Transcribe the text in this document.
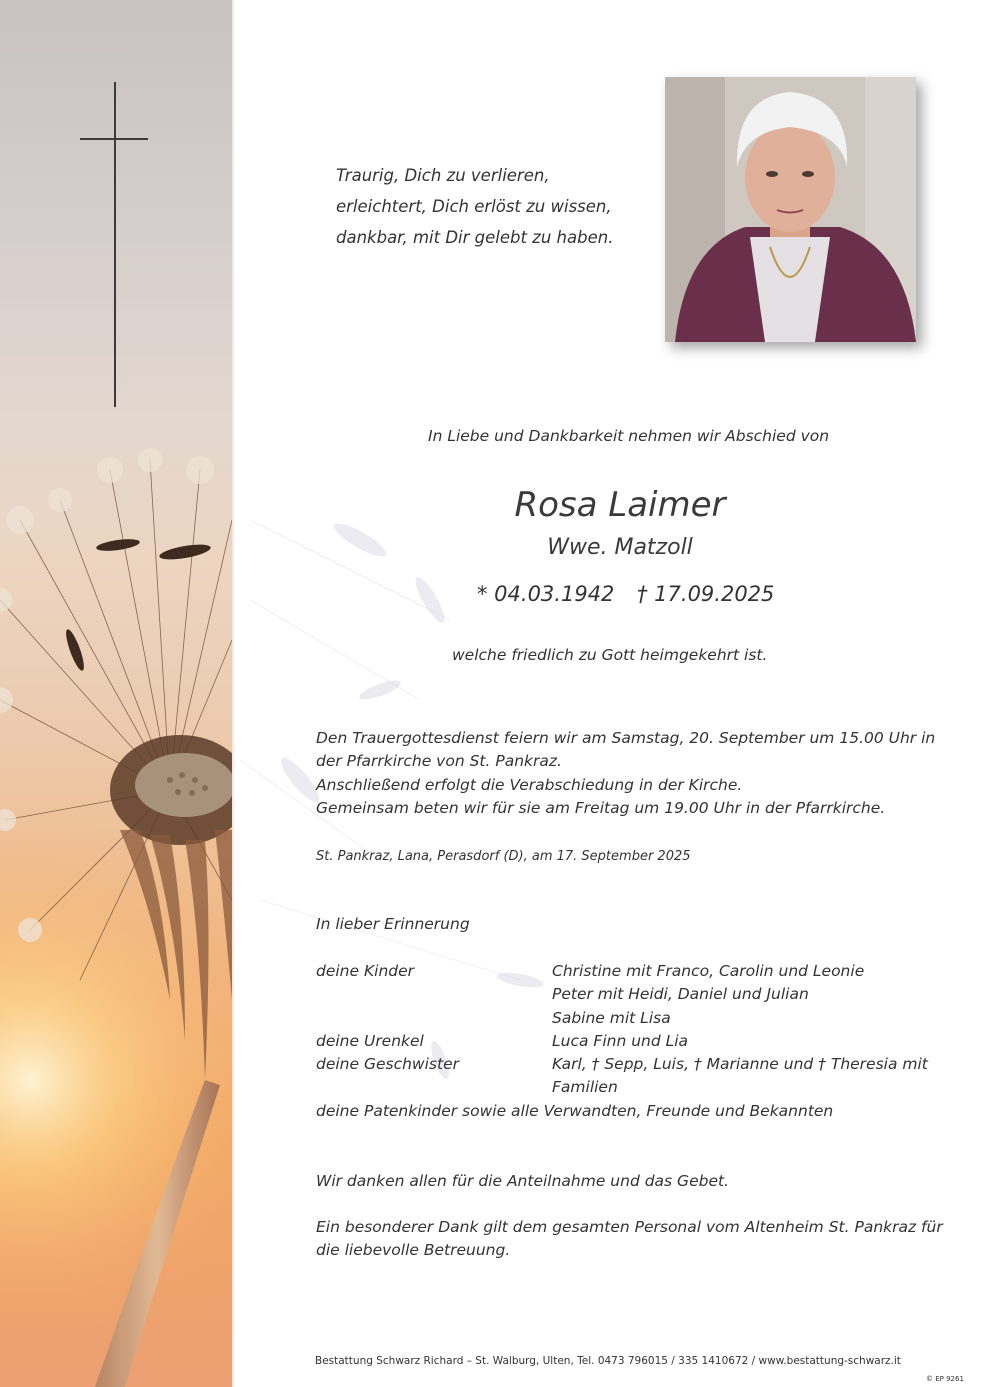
Traurig, Dich zu verlieren,
erleichtert, Dich erlöst zu wissen,
dankbar, mit Dir gelebt zu haben.
In Liebe und Dankbarkeit nehmen wir Abschied von
Rosa Laimer
Wwe. Matzoll
* 04.03.1942 † 17.09.2025
welche friedlich zu Gott heimgekehrt ist.
Den Trauergottesdienst feiern wir am Samstag, 20. September um 15.00 Uhr in
der Pfarrkirche von St. Pankraz.
Anschließend erfolgt die Verabschiedung in der Kirche.
Gemeinsam beten wir für sie am Freitag um 19.00 Uhr in der Pfarrkirche.
St. Pankraz, Lana, Perasdorf (D), am 17. September 2025
In lieber Erinnerung
deine Kinder	Christine mit Franco, Carolin und Leonie
Peter mit Heidi, Daniel und Julian
Sabine mit Lisa
deine Urenkel	Luca Finn und Lia
deine Geschwister	Karl, † Sepp, Luis, † Marianne und † Theresia mit
Familien
deine Patenkinder sowie alle Verwandten, Freunde und Bekannten
Wir danken allen für die Anteilnahme und das Gebet.
Ein besonderer Dank gilt dem gesamten Personal vom Altenheim St. Pankraz für
die liebevolle Betreuung.
Bestattung Schwarz Richard – St. Walburg, Ulten, Tel. 0473 796015 / 335 1410672 / www.bestattung-schwarz.it
© EP 9261
